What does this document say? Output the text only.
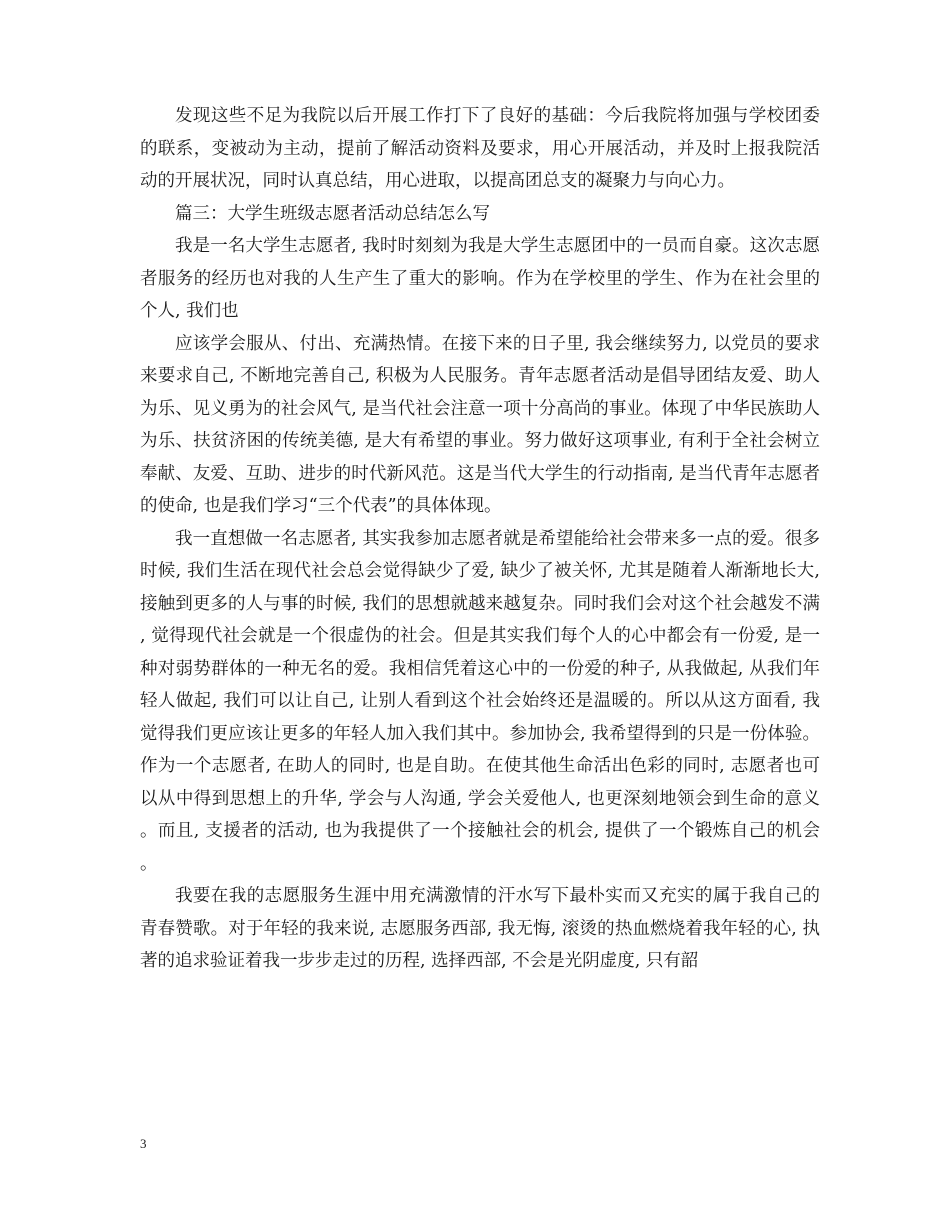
发现这些不足为我院以后开展工作打下了良好的基础：今后我院将加强与学校团委的联系，变被动为主动，提前了解活动资料及要求，用心开展活动，并及时上报我院活动的开展状况，同时认真总结，用心进取，以提高团总支的凝聚力与向心力。

篇三：大学生班级志愿者活动总结怎么写

我是一名大学生志愿者, 我时时刻刻为我是大学生志愿团中的一员而自豪。这次志愿者服务的经历也对我的人生产生了重大的影响。作为在学校里的学生、作为在社会里的个人, 我们也

应该学会服从、付出、充满热情。在接下来的日子里, 我会继续努力, 以党员的要求来要求自己, 不断地完善自己, 积极为人民服务。青年志愿者活动是倡导团结友爱、助人为乐、见义勇为的社会风气, 是当代社会注意一项十分高尚的事业。体现了中华民族助人为乐、扶贫济困的传统美德, 是大有希望的事业。努力做好这项事业, 有利于全社会树立奉献、友爱、互助、进步的时代新风范。这是当代大学生的行动指南, 是当代青年志愿者的使命, 也是我们学习“三个代表”的具体体现。

我一直想做一名志愿者, 其实我参加志愿者就是希望能给社会带来多一点的爱。很多时候, 我们生活在现代社会总会觉得缺少了爱, 缺少了被关怀, 尤其是随着人渐渐地长大, 接触到更多的人与事的时候, 我们的思想就越来越复杂。同时我们会对这个社会越发不满, 觉得现代社会就是一个很虚伪的社会。但是其实我们每个人的心中都会有一份爱, 是一种对弱势群体的一种无名的爱。我相信凭着这心中的一份爱的种子, 从我做起, 从我们年轻人做起, 我们可以让自己, 让别人看到这个社会始终还是温暖的。所以从这方面看, 我觉得我们更应该让更多的年轻人加入我们其中。参加协会, 我希望得到的只是一份体验。作为一个志愿者, 在助人的同时, 也是自助。在使其他生命活出色彩的同时, 志愿者也可以从中得到思想上的升华, 学会与人沟通, 学会关爱他人, 也更深刻地领会到生命的意义。而且, 支援者的活动, 也为我提供了一个接触社会的机会, 提供了一个锻炼自己的机会。

我要在我的志愿服务生涯中用充满激情的汗水写下最朴实而又充实的属于我自己的青春赞歌。对于年轻的我来说, 志愿服务西部, 我无悔, 滚烫的热血燃烧着我年轻的心, 执著的追求验证着我一步步走过的历程, 选择西部, 不会是光阴虚度, 只有韶

3
